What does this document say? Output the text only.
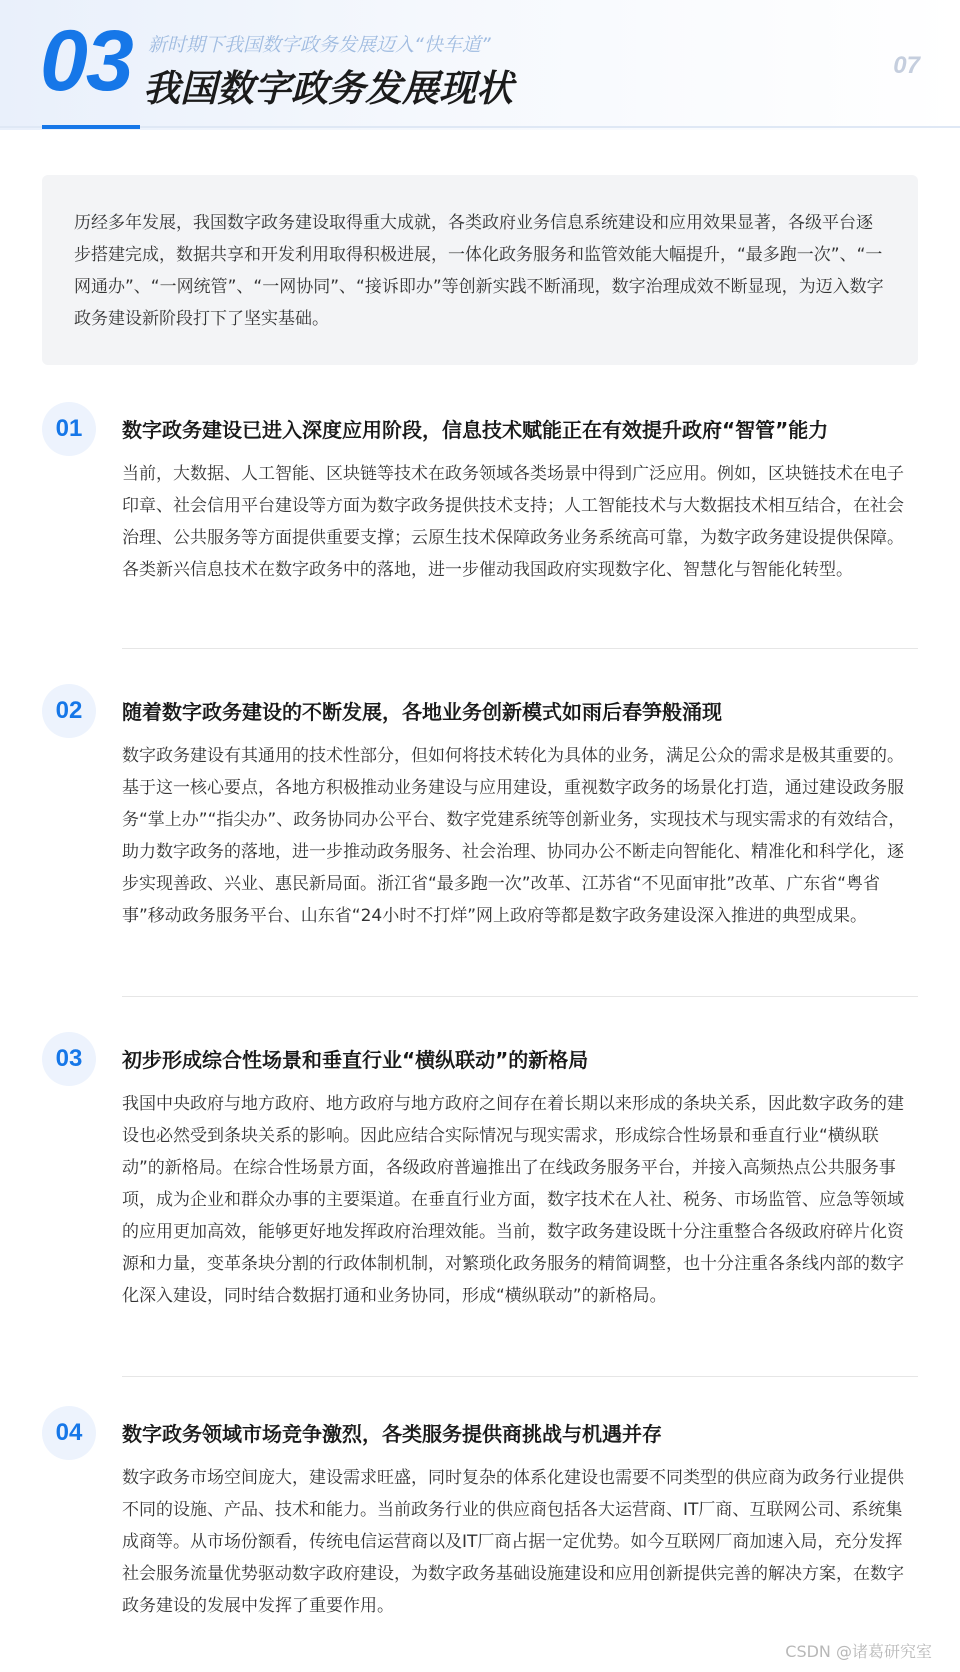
03 新时期下我国数字政务发展迈入“快车道”
我国数字政务发展现状
07

历经多年发展，我国数字政务建设取得重大成就，各类政府业务信息系统建设和应用效果显著，各级平台逐步搭建完成，数据共享和开发利用取得积极进展，一体化政务服务和监管效能大幅提升，“最多跑一次”、“一网通办”、“一网统管”、“一网协同”、“接诉即办”等创新实践不断涌现，数字治理成效不断显现，为迈入数字政务建设新阶段打下了坚实基础。

01	数字政务建设已进入深度应用阶段，信息技术赋能正在有效提升政府“智管”能力

当前，大数据、人工智能、区块链等技术在政务领域各类场景中得到广泛应用。例如，区块链技术在电子印章、社会信用平台建设等方面为数字政务提供技术支持；人工智能技术与大数据技术相互结合，在社会治理、公共服务等方面提供重要支撑；云原生技术保障政务业务系统高可靠，为数字政务建设提供保障。各类新兴信息技术在数字政务中的落地，进一步催动我国政府实现数字化、智慧化与智能化转型。

02	随着数字政务建设的不断发展，各地业务创新模式如雨后春笋般涌现

数字政务建设有其通用的技术性部分，但如何将技术转化为具体的业务，满足公众的需求是极其重要的。基于这一核心要点，各地方积极推动业务建设与应用建设，重视数字政务的场景化打造，通过建设政务服务“掌上办”“指尖办”、政务协同办公平台、数字党建系统等创新业务，实现技术与现实需求的有效结合，助力数字政务的落地，进一步推动政务服务、社会治理、协同办公不断走向智能化、精准化和科学化，逐步实现善政、兴业、惠民新局面。浙江省“最多跑一次”改革、江苏省“不见面审批”改革、广东省“粤省事”移动政务服务平台、山东省“24小时不打烊”网上政府等都是数字政务建设深入推进的典型成果。

03	初步形成综合性场景和垂直行业“横纵联动”的新格局

我国中央政府与地方政府、地方政府与地方政府之间存在着长期以来形成的条块关系，因此数字政务的建设也必然受到条块关系的影响。因此应结合实际情况与现实需求，形成综合性场景和垂直行业“横纵联动”的新格局。在综合性场景方面，各级政府普遍推出了在线政务服务平台，并接入高频热点公共服务事项，成为企业和群众办事的主要渠道。在垂直行业方面，数字技术在人社、税务、市场监管、应急等领域的应用更加高效，能够更好地发挥政府治理效能。当前，数字政务建设既十分注重整合各级政府碎片化资源和力量，变革条块分割的行政体制机制，对繁琐化政务服务的精简调整，也十分注重各条线内部的数字化深入建设，同时结合数据打通和业务协同，形成“横纵联动”的新格局。

04	数字政务领域市场竞争激烈，各类服务提供商挑战与机遇并存

数字政务市场空间庞大，建设需求旺盛，同时复杂的体系化建设也需要不同类型的供应商为政务行业提供不同的设施、产品、技术和能力。当前政务行业的供应商包括各大运营商、IT厂商、互联网公司、系统集成商等。从市场份额看，传统电信运营商以及IT厂商占据一定优势。如今互联网厂商加速入局，充分发挥社会服务流量优势驱动数字政府建设，为数字政务基础设施建设和应用创新提供完善的解决方案，在数字政务建设的发展中发挥了重要作用。

CSDN @诸葛研究室
